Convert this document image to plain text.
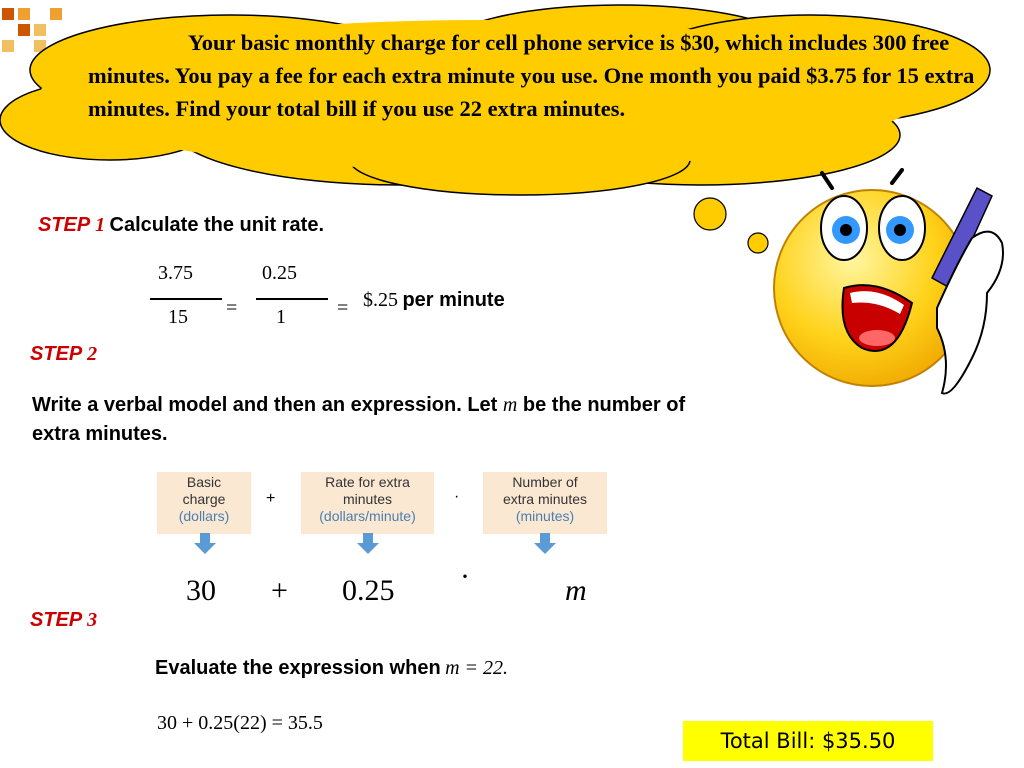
Your basic monthly charge for cell phone service is $30, which includes 300 free minutes. You pay a fee for each extra minute you use. One month you paid $3.75 for 15 extra minutes. Find your total bill if you use 22 extra minutes.
STEP 1 Calculate the unit rate.
3.75
15 =
0.25
1	= $.25 per minute
STEP 2
Write a verbal model and then an expression. Let m be the number of
extra minutes.
Basic
charge
(dollars)
+
Rate for extra
minutes
(dollars/minute)
·
Number of
extra minutes
(minutes)
30 + 0.25 ·	m
STEP 3
Evaluate the expression when m = 22.
30 + 0.25(22) = 35.5
Total Bill: $35.50
